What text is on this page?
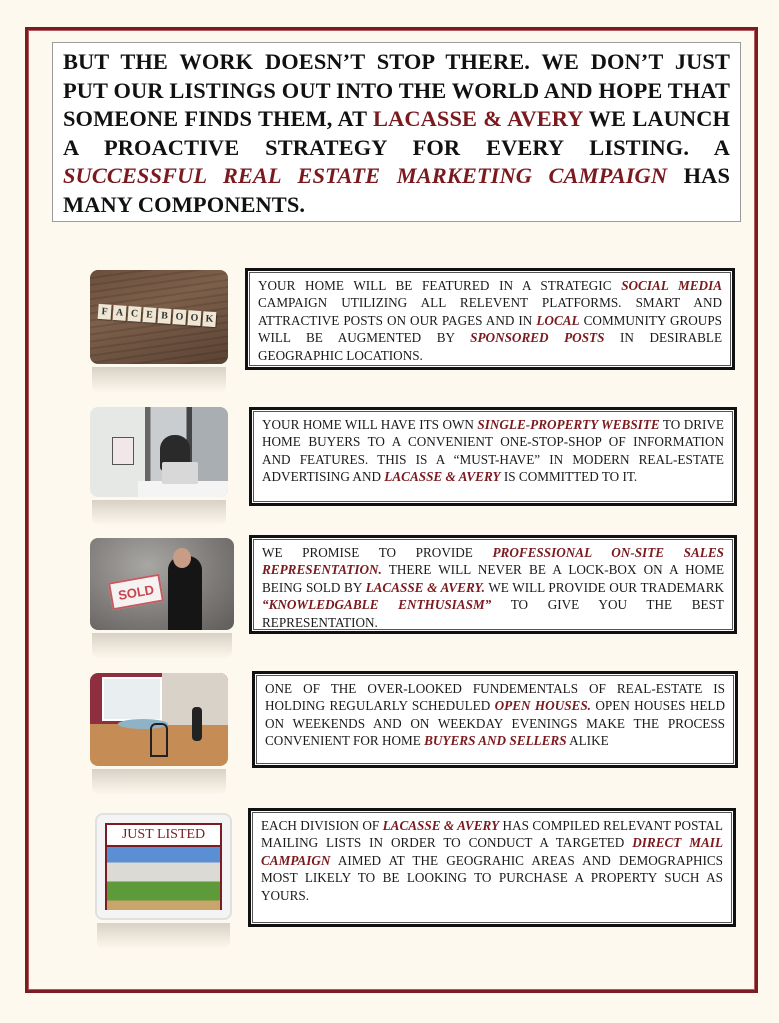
BUT THE WORK DOESN’T STOP THERE. WE DON’T JUST PUT OUR LISTINGS OUT INTO THE WORLD AND HOPE THAT SOMEONE FINDS THEM, AT LACASSE & AVERY WE LAUNCH A PROACTIVE STRATEGY FOR EVERY LISTING. A SUCCESSFUL REAL ESTATE MARKETING CAMPAIGN HAS MANY COMPONENTS.

F A C E B O O K

YOUR HOME WILL BE FEATURED IN A STRATEGIC SOCIAL MEDIA CAMPAIGN UTILIZING ALL RELEVENT PLATFORMS. SMART AND ATTRACTIVE POSTS ON OUR PAGES AND IN LOCAL COMMUNITY GROUPS WILL BE AUGMENTED BY SPONSORED POSTS IN DESIRABLE GEOGRAPHIC LOCATIONS.

YOUR HOME WILL HAVE ITS OWN SINGLE-PROPERTY WEBSITE TO DRIVE HOME BUYERS TO A CONVENIENT ONE-STOP-SHOP OF INFORMATION AND FEATURES. THIS IS A “MUST-HAVE” IN MODERN REAL-ESTATE ADVERTISING AND LACASSE & AVERY IS COMMITTED TO IT.

SOLD

WE PROMISE TO PROVIDE PROFESSIONAL ON-SITE SALES REPRESENTATION. THERE WILL NEVER BE A LOCK-BOX ON A HOME BEING SOLD BY LACASSE & AVERY. WE WILL PROVIDE OUR TRADEMARK “KNOWLEDGABLE ENTHUSIASM” TO GIVE YOU THE BEST REPRESENTATION.

ONE OF THE OVER-LOOKED FUNDEMENTALS OF REAL-ESTATE IS HOLDING REGULARLY SCHEDULED OPEN HOUSES. OPEN HOUSES HELD ON WEEKENDS AND ON WEEKDAY EVENINGS MAKE THE PROCESS CONVENIENT FOR HOME BUYERS AND SELLERS ALIKE

JUST LISTED

EACH DIVISION OF LACASSE & AVERY HAS COMPILED RELEVANT POSTAL MAILING LISTS IN ORDER TO CONDUCT A TARGETED DIRECT MAIL CAMPAIGN AIMED AT THE GEOGRAHIC AREAS AND DEMOGRAPHICS MOST LIKELY TO BE LOOKING TO PURCHASE A PROPERTY SUCH AS YOURS.
